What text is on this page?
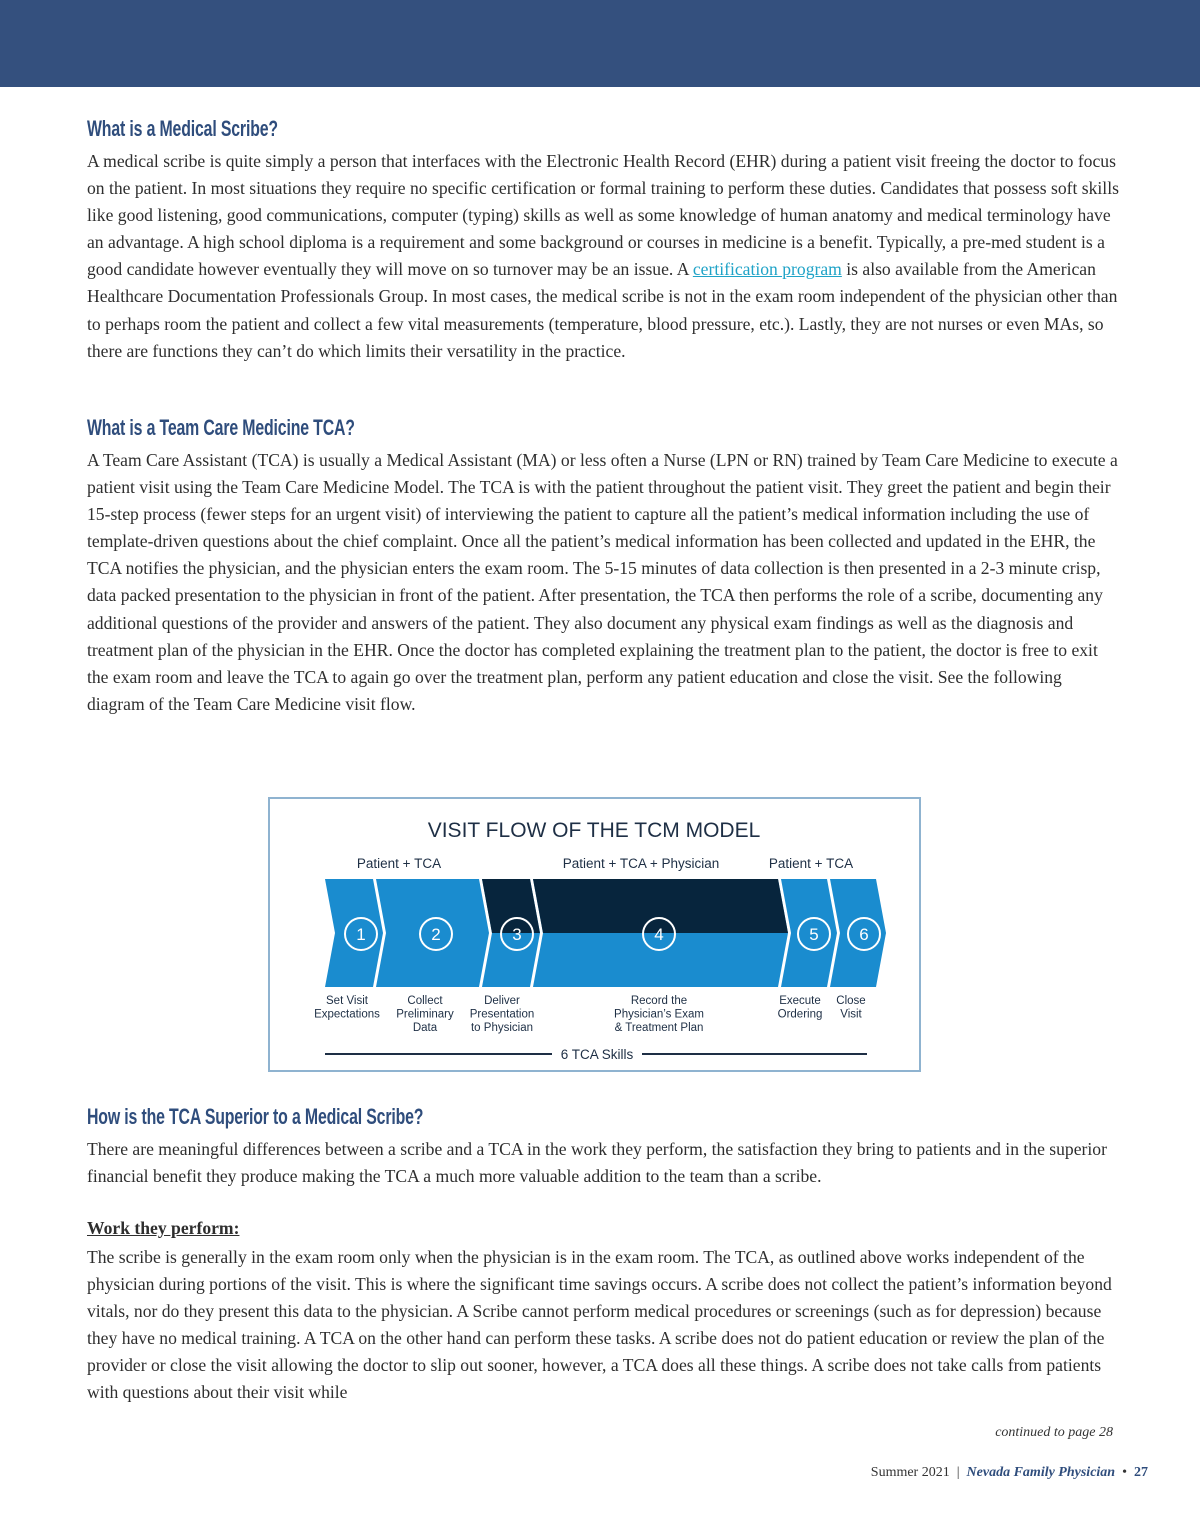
What is a Medical Scribe?

A medical scribe is quite simply a person that interfaces with the Electronic Health Record (EHR) during a patient visit freeing the doctor to focus on the patient. In most situations they require no specific certification or formal training to perform these duties. Candidates that possess soft skills like good listening, good communications, computer (typing) skills as well as some knowledge of human anatomy and medical terminology have an advantage. A high school diploma is a requirement and some background or courses in medicine is a benefit. Typically, a pre-med student is a good candidate however eventually they will move on so turnover may be an issue. A certification program is also available from the American Healthcare Documentation Professionals Group. In most cases, the medical scribe is not in the exam room independent of the physician other than to perhaps room the patient and collect a few vital measurements (temperature, blood pressure, etc.). Lastly, they are not nurses or even MAs, so there are functions they can’t do which limits their versatility in the practice.

What is a Team Care Medicine TCA?

A Team Care Assistant (TCA) is usually a Medical Assistant (MA) or less often a Nurse (LPN or RN) trained by Team Care Medicine to execute a patient visit using the Team Care Medicine Model. The TCA is with the patient throughout the patient visit. They greet the patient and begin their 15-step process (fewer steps for an urgent visit) of interviewing the patient to capture all the patient’s medical information including the use of template-driven questions about the chief complaint. Once all the patient’s medical information has been collected and updated in the EHR, the TCA notifies the physician, and the physician enters the exam room. The 5-15 minutes of data collection is then presented in a 2-3 minute crisp, data packed presentation to the physician in front of the patient. After presentation, the TCA then performs the role of a scribe, documenting any additional questions of the provider and answers of the patient. They also document any physical exam findings as well as the diagnosis and treatment plan of the physician in the EHR. Once the doctor has completed explaining the treatment plan to the patient, the doctor is free to exit the exam room and leave the TCA to again go over the treatment plan, perform any patient education and close the visit. See the following diagram of the Team Care Medicine visit flow.

VISIT FLOW OF THE TCM MODEL
Patient + TCA	Patient + TCA + Physician	Patient + TCA
1	2	3	4	5 6
Set Visit Expectations
Collect Preliminary Data
Deliver Presentation to Physician
Record the Physician’s Exam & Treatment Plan
Execute Ordering
Close Visit
6 TCA Skills
How is the TCA Superior to a Medical Scribe?

There are meaningful differences between a scribe and a TCA in the work they perform, the satisfaction they bring to patients and in the superior financial benefit they produce making the TCA a much more valuable addition to the team than a scribe.

Work they perform:

The scribe is generally in the exam room only when the physician is in the exam room. The TCA, as outlined above works independent of the physician during portions of the visit. This is where the significant time savings occurs. A scribe does not collect the patient’s information beyond vitals, nor do they present this data to the physician. A Scribe cannot perform medical procedures or screenings (such as for depression) because they have no medical training. A TCA on the other hand can perform these tasks. A scribe does not do patient education or review the plan of the provider or close the visit allowing the doctor to slip out sooner, however, a TCA does all these things. A scribe does not take calls from patients with questions about their visit while

continued to page 28

Summer 2021 | Nevada Family Physician • 27
